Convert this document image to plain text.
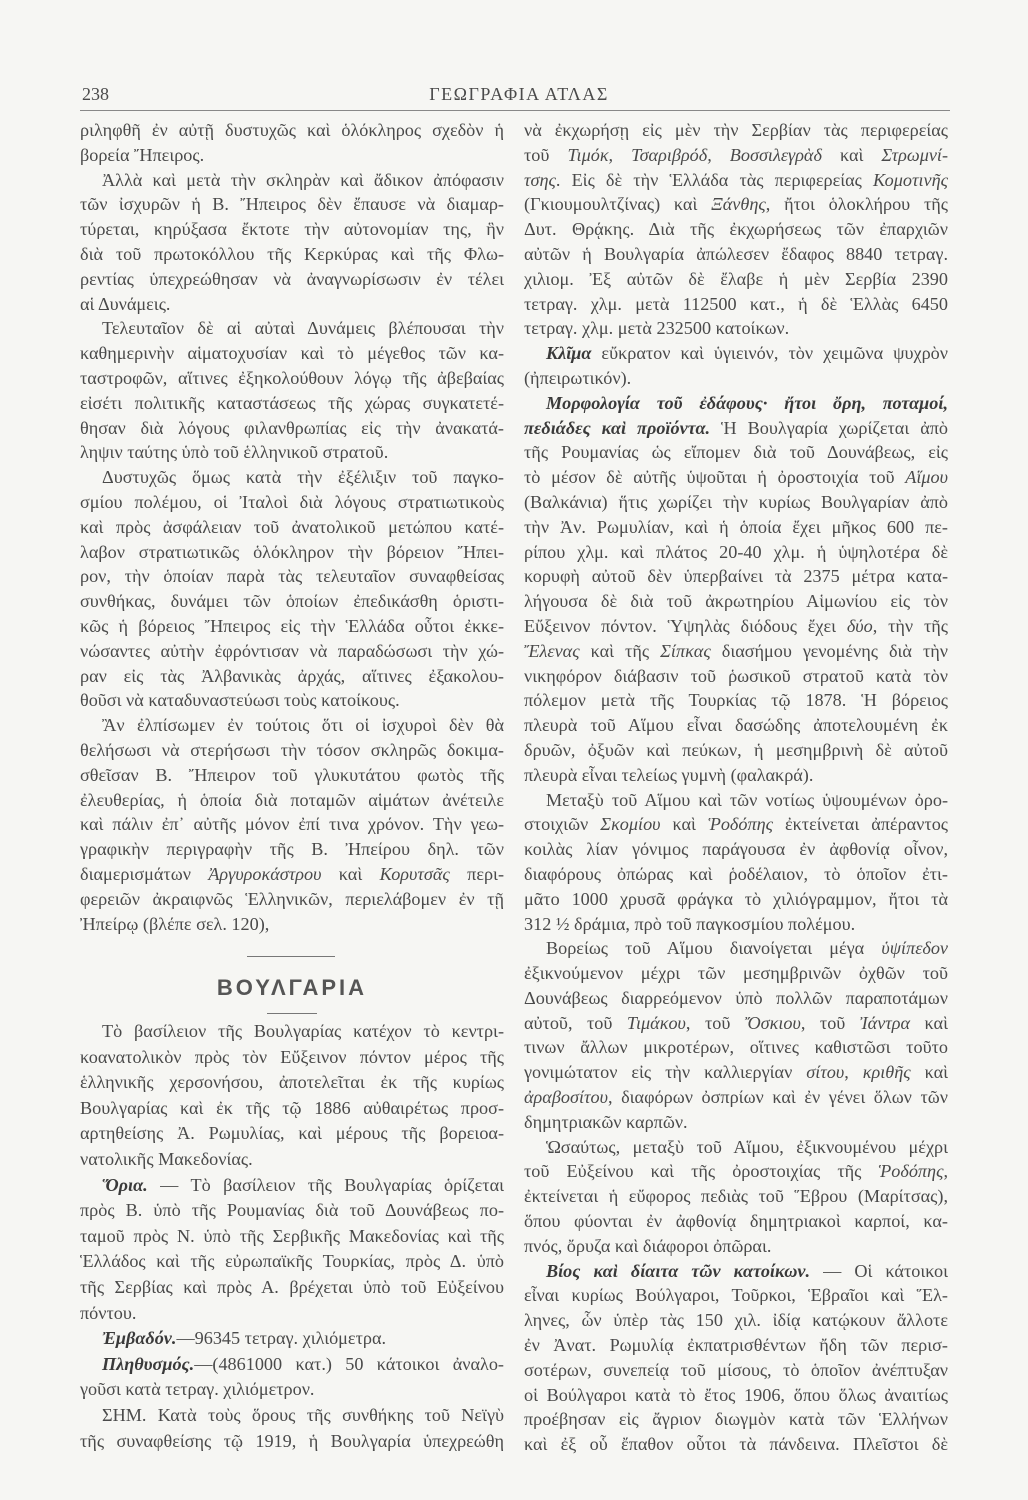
238	ΓΕΩΓΡΑΦΙΑ ΑΤΛΑΣ
ριληφθῆ ἐν αὐτῇ δυστυχῶς καὶ ὁλόκληρος σχεδὸν ἡ
βορεία Ἤπειρος.
Ἀλλὰ καὶ μετὰ τὴν σκληρὰν καὶ ἄδικον ἀπόφασιν
τῶν ἰσχυρῶν ἡ Β. Ἤπειρος δὲν ἔπαυσε νὰ διαμαρ-
τύρεται, κηρύξασα ἔκτοτε τὴν αὐτονομίαν της, ἣν
διὰ τοῦ πρωτοκόλλου τῆς Κερκύρας καὶ τῆς Φλω-
ρεντίας ὑπεχρεώθησαν νὰ ἀναγνωρίσωσιν ἐν τέλει
αἱ Δυνάμεις.
Τελευταῖον δὲ αἱ αὐταὶ Δυνάμεις βλέπουσαι τὴν
καθημερινὴν αἱματοχυσίαν καὶ τὸ μέγεθος τῶν κα-
ταστροφῶν, αἵτινες ἐξηκολούθουν λόγῳ τῆς ἀβεβαίας
εἰσέτι πολιτικῆς καταστάσεως τῆς χώρας συγκατετέ-
θησαν διὰ λόγους φιλανθρωπίας εἰς τὴν ἀνακατά-
ληψιν ταύτης ὑπὸ τοῦ ἑλληνικοῦ στρατοῦ.
Δυστυχῶς ὅμως κατὰ τὴν ἐξέλιξιν τοῦ παγκο-
σμίου πολέμου, οἱ Ἰταλοὶ διὰ λόγους στρατιωτικοὺς
καὶ πρὸς ἀσφάλειαν τοῦ ἀνατολικοῦ μετώπου κατέ-
λαβον στρατιωτικῶς ὁλόκληρον τὴν βόρειον Ἤπει-
ρον, τὴν ὁποίαν παρὰ τὰς τελευταῖον συναφθείσας
συνθήκας, δυνάμει τῶν ὁποίων ἐπεδικάσθη ὁριστι-
κῶς ἡ βόρειος Ἤπειρος εἰς τὴν Ἑλλάδα οὗτοι ἐκκε-
νώσαντες αὐτὴν ἐφρόντισαν νὰ παραδώσωσι τὴν χώ-
ραν εἰς τὰς Ἀλβανικὰς ἀρχάς, αἵτινες ἐξακολου-
θοῦσι νὰ καταδυναστεύωσι τοὺς κατοίκους.
Ἂν ἐλπίσωμεν ἐν τούτοις ὅτι οἱ ἰσχυροὶ δὲν θὰ
θελήσωσι νὰ στερήσωσι τὴν τόσον σκληρῶς δοκιμα-
σθεῖσαν Β. Ἤπειρον τοῦ γλυκυτάτου φωτὸς τῆς
ἐλευθερίας, ἡ ὁποία διὰ ποταμῶν αἱμάτων ἀνέτειλε
καὶ πάλιν ἐπ᾽ αὐτῆς μόνον ἐπί τινα χρόνον. Τὴν γεω-
γραφικὴν περιγραφὴν τῆς Β. Ἠπείρου δηλ. τῶν
διαμερισμάτων Ἀργυροκάστρου καὶ Κορυτσᾶς περι-
φερειῶν ἀκραιφνῶς Ἑλληνικῶν, περιελάβομεν ἐν τῇ
Ἠπείρῳ (βλέπε σελ. 120),
ΒΟΥΛΓΑΡΙΑ
Τὸ βασίλειον τῆς Βουλγαρίας κατέχον τὸ κεντρι-
κοανατολικὸν πρὸς τὸν Εὔξεινον πόντον μέρος τῆς
ἑλληνικῆς χερσονήσου, ἀποτελεῖται ἐκ τῆς κυρίως
Βουλγαρίας καὶ ἐκ τῆς τῷ 1886 αὐθαιρέτως προσ-
αρτηθείσης Ἀ. Ρωμυλίας, καὶ μέρους τῆς βορειοα-
νατολικῆς Μακεδονίας.
Ὅρια. — Τὸ βασίλειον τῆς Βουλγαρίας ὁρίζεται
πρὸς Β. ὑπὸ τῆς Ρουμανίας διὰ τοῦ Δουνάβεως πο-
ταμοῦ πρὸς Ν. ὑπὸ τῆς Σερβικῆς Μακεδονίας καὶ τῆς
Ἑλλάδος καὶ τῆς εὐρωπαϊκῆς Τουρκίας, πρὸς Δ. ὑπὸ
τῆς Σερβίας καὶ πρὸς Α. βρέχεται ὑπὸ τοῦ Εὐξείνου
πόντου.
Ἐμβαδόν.—96345 τετραγ. χιλιόμετρα.
Πληθυσμός.—(4861000 κατ.) 50 κάτοικοι ἀναλο-
γοῦσι κατὰ τετραγ. χιλιόμετρον.
ΣΗΜ. Κατὰ τοὺς ὅρους τῆς συνθήκης τοῦ Νεϊγὺ
τῆς συναφθείσης τῷ 1919, ἡ Βουλγαρία ὑπεχρεώθη
νὰ ἐκχωρήσῃ εἰς μὲν τὴν Σερβίαν τὰς περιφερείας
τοῦ Τιμόκ, Τσαριβρόδ, Βοσσιλεγρὰδ καὶ Στρωμνί-
τσης. Εἰς δὲ τὴν Ἑλλάδα τὰς περιφερείας Κομοτινῆς
(Γκιουμουλτζίνας) καὶ Ξάνθης, ἤτοι ὁλοκλήρου τῆς
Δυτ. Θρᾴκης. Διὰ τῆς ἐκχωρήσεως τῶν ἐπαρχιῶν
αὐτῶν ἡ Βουλγαρία ἀπώλεσεν ἔδαφος 8840 τετραγ.
χιλιομ. Ἐξ αὐτῶν δὲ ἔλαβε ἡ μὲν Σερβία 2390
τετραγ. χλμ. μετὰ 112500 κατ., ἡ δὲ Ἑλλὰς 6450
τετραγ. χλμ. μετὰ 232500 κατοίκων.
Κλῖμα εὔκρατον καὶ ὑγιεινόν, τὸν χειμῶνα ψυχρὸν
(ἠπειρωτικόν).
Μορφολογία τοῦ ἐδάφους· ἤτοι ὄρη, ποταμοί,
πεδιάδες καὶ προϊόντα. Ἡ Βουλγαρία χωρίζεται ἀπὸ
τῆς Ρουμανίας ὡς εἴπομεν διὰ τοῦ Δουνάβεως, εἰς
τὸ μέσον δὲ αὐτῆς ὑψοῦται ἡ ὀροστοιχία τοῦ Αἵμου
(Βαλκάνια) ἥτις χωρίζει τὴν κυρίως Βουλγαρίαν ἀπὸ
τὴν Ἀν. Ρωμυλίαν, καὶ ἡ ὁποία ἔχει μῆκος 600 πε-
ρίπου χλμ. καὶ πλάτος 20-40 χλμ. ἡ ὑψηλοτέρα δὲ
κορυφὴ αὐτοῦ δὲν ὑπερβαίνει τὰ 2375 μέτρα κατα-
λήγουσα δὲ διὰ τοῦ ἀκρωτηρίου Αἱμωνίου εἰς τὸν
Εὔξεινον πόντον. Ὑψηλὰς διόδους ἔχει δύο, τὴν τῆς
Ἔλενας καὶ τῆς Σίπκας διασήμου γενομένης διὰ τὴν
νικηφόρον διάβασιν τοῦ ῥωσικοῦ στρατοῦ κατὰ τὸν
πόλεμον μετὰ τῆς Τουρκίας τῷ 1878. Ἡ βόρειος
πλευρὰ τοῦ Αἵμου εἶναι δασώδης ἀποτελουμένη ἐκ
δρυῶν, ὀξυῶν καὶ πεύκων, ἡ μεσημβρινὴ δὲ αὐτοῦ
πλευρὰ εἶναι τελείως γυμνὴ (φαλακρά).
Μεταξὺ τοῦ Αἵμου καὶ τῶν νοτίως ὑψουμένων ὀρο-
στοιχιῶν Σκομίου καὶ Ῥοδόπης ἐκτείνεται ἀπέραντος
κοιλὰς λίαν γόνιμος παράγουσα ἐν ἀφθονίᾳ οἶνον,
διαφόρους ὀπώρας καὶ ῥοδέλαιον, τὸ ὁποῖον ἐτι-
μᾶτο 1000 χρυσᾶ φράγκα τὸ χιλιόγραμμον, ἤτοι τὰ
312 ½ δράμια, πρὸ τοῦ παγκοσμίου πολέμου.
Βορείως τοῦ Αἵμου διανοίγεται μέγα ὑψίπεδον
ἐξικνούμενον μέχρι τῶν μεσημβρινῶν ὀχθῶν τοῦ
Δουνάβεως διαρρεόμενον ὑπὸ πολλῶν παραποτάμων
αὐτοῦ, τοῦ Τιμάκου, τοῦ Ὄσκιου, τοῦ Ἰάντρα καὶ
τινων ἄλλων μικροτέρων, οἵτινες καθιστῶσι τοῦτο
γονιμώτατον εἰς τὴν καλλιεργίαν σίτου, κριθῆς καὶ
ἀραβοσίτου, διαφόρων ὀσπρίων καὶ ἐν γένει ὅλων τῶν
δημητριακῶν καρπῶν.
Ὡσαύτως, μεταξὺ τοῦ Αἵμου, ἐξικνουμένου μέχρι
τοῦ Εὐξείνου καὶ τῆς ὀροστοιχίας τῆς Ῥοδόπης,
ἐκτείνεται ἡ εὔφορος πεδιὰς τοῦ Ἕβρου (Μαρίτσας),
ὅπου φύονται ἐν ἀφθονίᾳ δημητριακοὶ καρποί, κα-
πνός, ὄρυζα καὶ διάφοροι ὀπῶραι.
Βίος καὶ δίαιτα τῶν κατοίκων. — Οἱ κάτοικοι
εἶναι κυρίως Βούλγαροι, Τοῦρκοι, Ἑβραῖοι καὶ Ἕλ-
ληνες, ὧν ὑπὲρ τὰς 150 χιλ. ἰδίᾳ κατῴκουν ἄλλοτε
ἐν Ἀνατ. Ρωμυλίᾳ ἐκπατρισθέντων ἤδη τῶν περισ-
σοτέρων, συνεπείᾳ τοῦ μίσους, τὸ ὁποῖον ἀνέπτυξαν
οἱ Βούλγαροι κατὰ τὸ ἔτος 1906, ὅπου ὅλως ἀναιτίως
προέβησαν εἰς ἄγριον διωγμὸν κατὰ τῶν Ἑλλήνων
καὶ ἐξ οὗ ἔπαθον οὗτοι τὰ πάνδεινα. Πλεῖστοι δὲ
